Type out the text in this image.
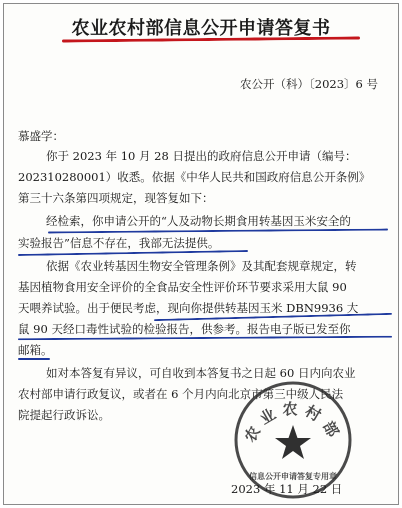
农业农村部信息公开申请答复书
农公开（科）〔2023〕6 号
慕盛学：
你于 2023 年 10 月 28 日提出的政府信息公开申请（编号：
202310280001）收悉。依据《中华人民共和国政府信息公开条例》
第三十六条第四项规定，现答复如下：
经检索，你申请公开的“人及动物长期食用转基因玉米安全的
实验报告”信息不存在，我部无法提供。
依据《农业转基因生物安全管理条例》及其配套规章规定，转
基因植物食用安全评价的全食品安全性评价环节要求采用大鼠 90
天喂养试验。出于便民考虑，现向你提供转基因玉米 DBN9936 大
鼠 90 天经口毒性试验的检验报告，供参考。报告电子版已发至你
邮箱。
如对本答复有异议，可自收到本答复书之日起 60 日内向农业
农村部申请行政复议，或者在 6 个月内向北京市第三中级人民法
院提起行政诉讼。
农业农村部
信息公开申请答复专用章
2023 年 11 月 22 日
